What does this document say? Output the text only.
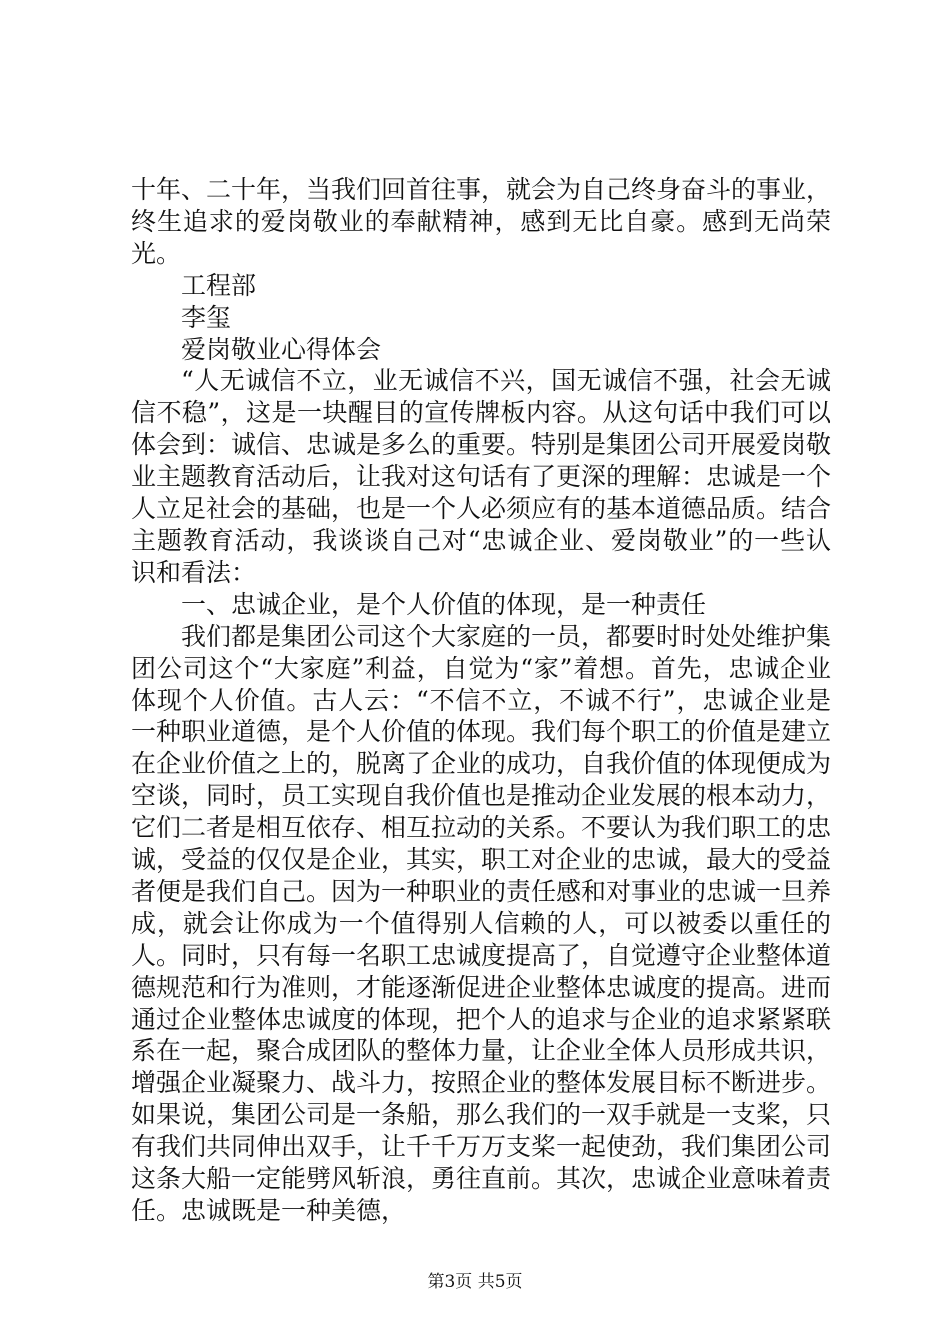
十年、二十年，当我们回首往事，就会为自己终身奋斗的事业，终生追求的爱岗敬业的奉献精神，感到无比自豪。感到无尚荣光。

工程部

李玺

爱岗敬业心得体会

“人无诚信不立，业无诚信不兴，国无诚信不强，社会无诚信不稳”，这是一块醒目的宣传牌板内容。从这句话中我们可以体会到：诚信、忠诚是多么的重要。特别是集团公司开展爱岗敬业主题教育活动后，让我对这句话有了更深的理解：忠诚是一个人立足社会的基础，也是一个人必须应有的基本道德品质。结合主题教育活动，我谈谈自己对“忠诚企业、爱岗敬业”的一些认识和看法：

一、忠诚企业，是个人价值的体现，是一种责任

我们都是集团公司这个大家庭的一员，都要时时处处维护集团公司这个“大家庭”利益，自觉为“家”着想。首先，忠诚企业体现个人价值。古人云：“不信不立，不诚不行”，忠诚企业是一种职业道德，是个人价值的体现。我们每个职工的价值是建立在企业价值之上的，脱离了企业的成功，自我价值的体现便成为空谈，同时，员工实现自我价值也是推动企业发展的根本动力，它们二者是相互依存、相互拉动的关系。不要认为我们职工的忠诚，受益的仅仅是企业，其实，职工对企业的忠诚，最大的受益者便是我们自己。因为一种职业的责任感和对事业的忠诚一旦养成，就会让你成为一个值得别人信赖的人，可以被委以重任的人。同时，只有每一名职工忠诚度提高了，自觉遵守企业整体道德规范和行为准则，才能逐渐促进企业整体忠诚度的提高。进而通过企业整体忠诚度的体现，把个人的追求与企业的追求紧紧联系在一起，聚合成团队的整体力量，让企业全体人员形成共识，增强企业凝聚力、战斗力，按照企业的整体发展目标不断进步。如果说，集团公司是一条船，那么我们的一双手就是一支桨，只有我们共同伸出双手，让千千万万支桨一起使劲，我们集团公司这条大船一定能劈风斩浪，勇往直前。其次，忠诚企业意味着责任。忠诚既是一种美德，

第3页 共5页
